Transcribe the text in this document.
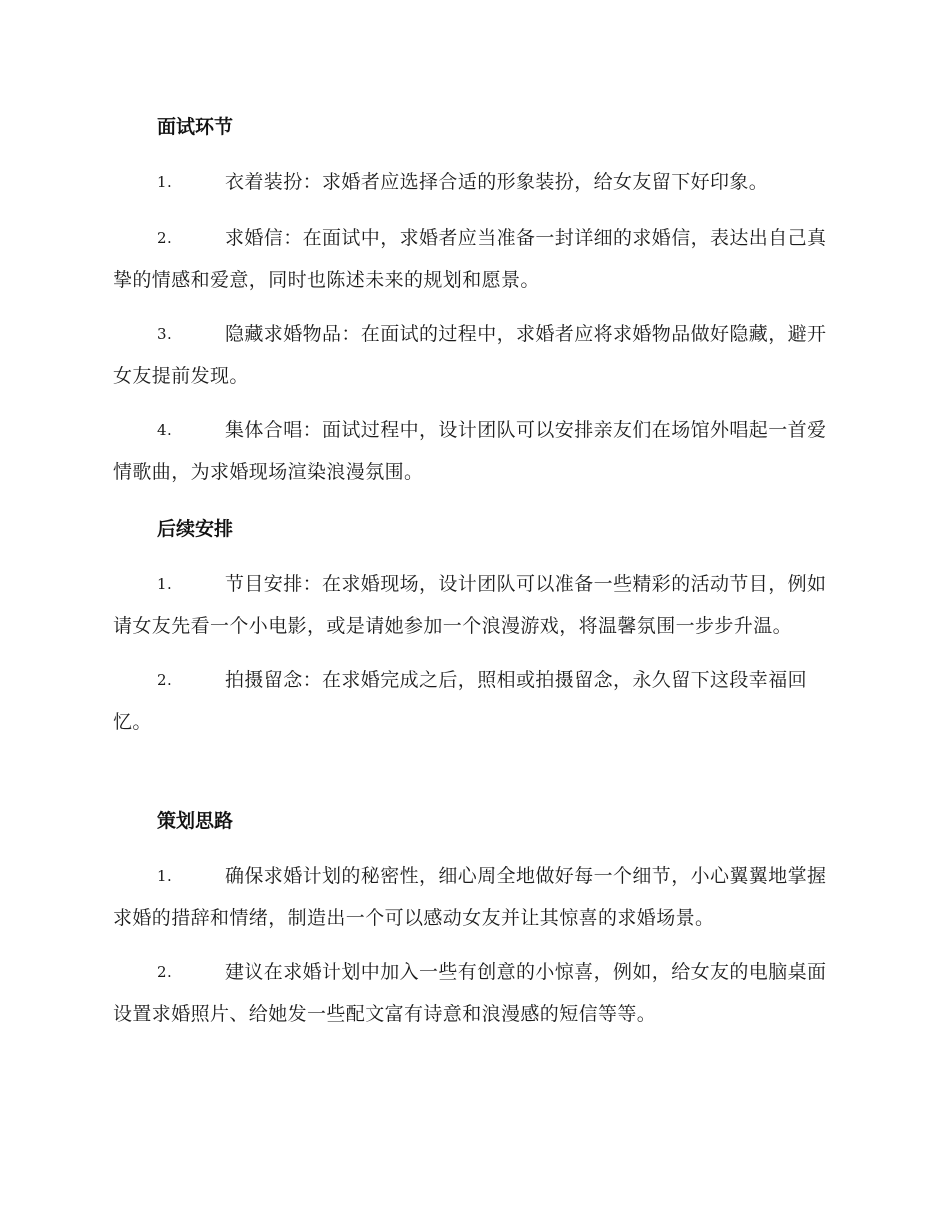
面试环节

1.	衣着装扮：求婚者应选择合适的形象装扮，给女友留下好印象。

2.	求婚信：在面试中，求婚者应当准备一封详细的求婚信，表达出自己真挚的情感和爱意，同时也陈述未来的规划和愿景。

3.	隐藏求婚物品：在面试的过程中，求婚者应将求婚物品做好隐藏，避开女友提前发现。

4.	集体合唱：面试过程中，设计团队可以安排亲友们在场馆外唱起一首爱情歌曲，为求婚现场渲染浪漫氛围。

后续安排

1.	节目安排：在求婚现场，设计团队可以准备一些精彩的活动节目，例如请女友先看一个小电影，或是请她参加一个浪漫游戏，将温馨氛围一步步升温。

2.	拍摄留念：在求婚完成之后，照相或拍摄留念，永久留下这段幸福回忆。

策划思路

1.	确保求婚计划的秘密性，细心周全地做好每一个细节，小心翼翼地掌握求婚的措辞和情绪，制造出一个可以感动女友并让其惊喜的求婚场景。

2.	建议在求婚计划中加入一些有创意的小惊喜，例如，给女友的电脑桌面设置求婚照片、给她发一些配文富有诗意和浪漫感的短信等等。
